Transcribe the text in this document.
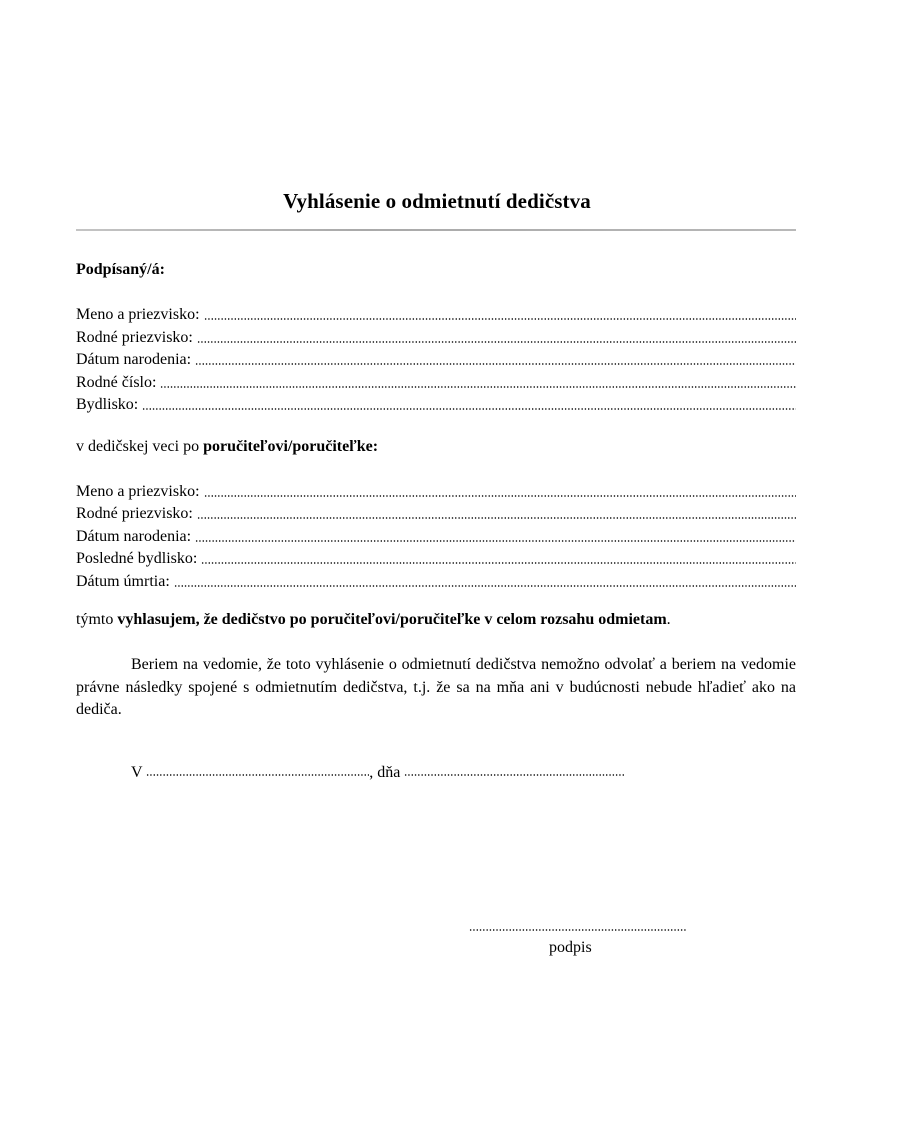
Vyhlásenie o odmietnutí dedičstva
Podpísaný/á:
Meno a priezvisko:
Rodné priezvisko:
Dátum narodenia:
Rodné číslo:
Bydlisko:
v dedičskej veci po poručiteľovi/poručiteľke:
Meno a priezvisko:
Rodné priezvisko:
Dátum narodenia:
Posledné bydlisko:
Dátum úmrtia:
týmto vyhlasujem, že dedičstvo po poručiteľovi/poručiteľke v celom rozsahu odmietam.
Beriem na vedomie, že toto vyhlásenie o odmietnutí dedičstva nemožno odvolať a beriem na vedomie právne následky spojené s odmietnutím dedičstva, t.j. že sa na mňa ani v budúcnosti nebude hľadieť ako na dediča.
V	, dňa
podpis
